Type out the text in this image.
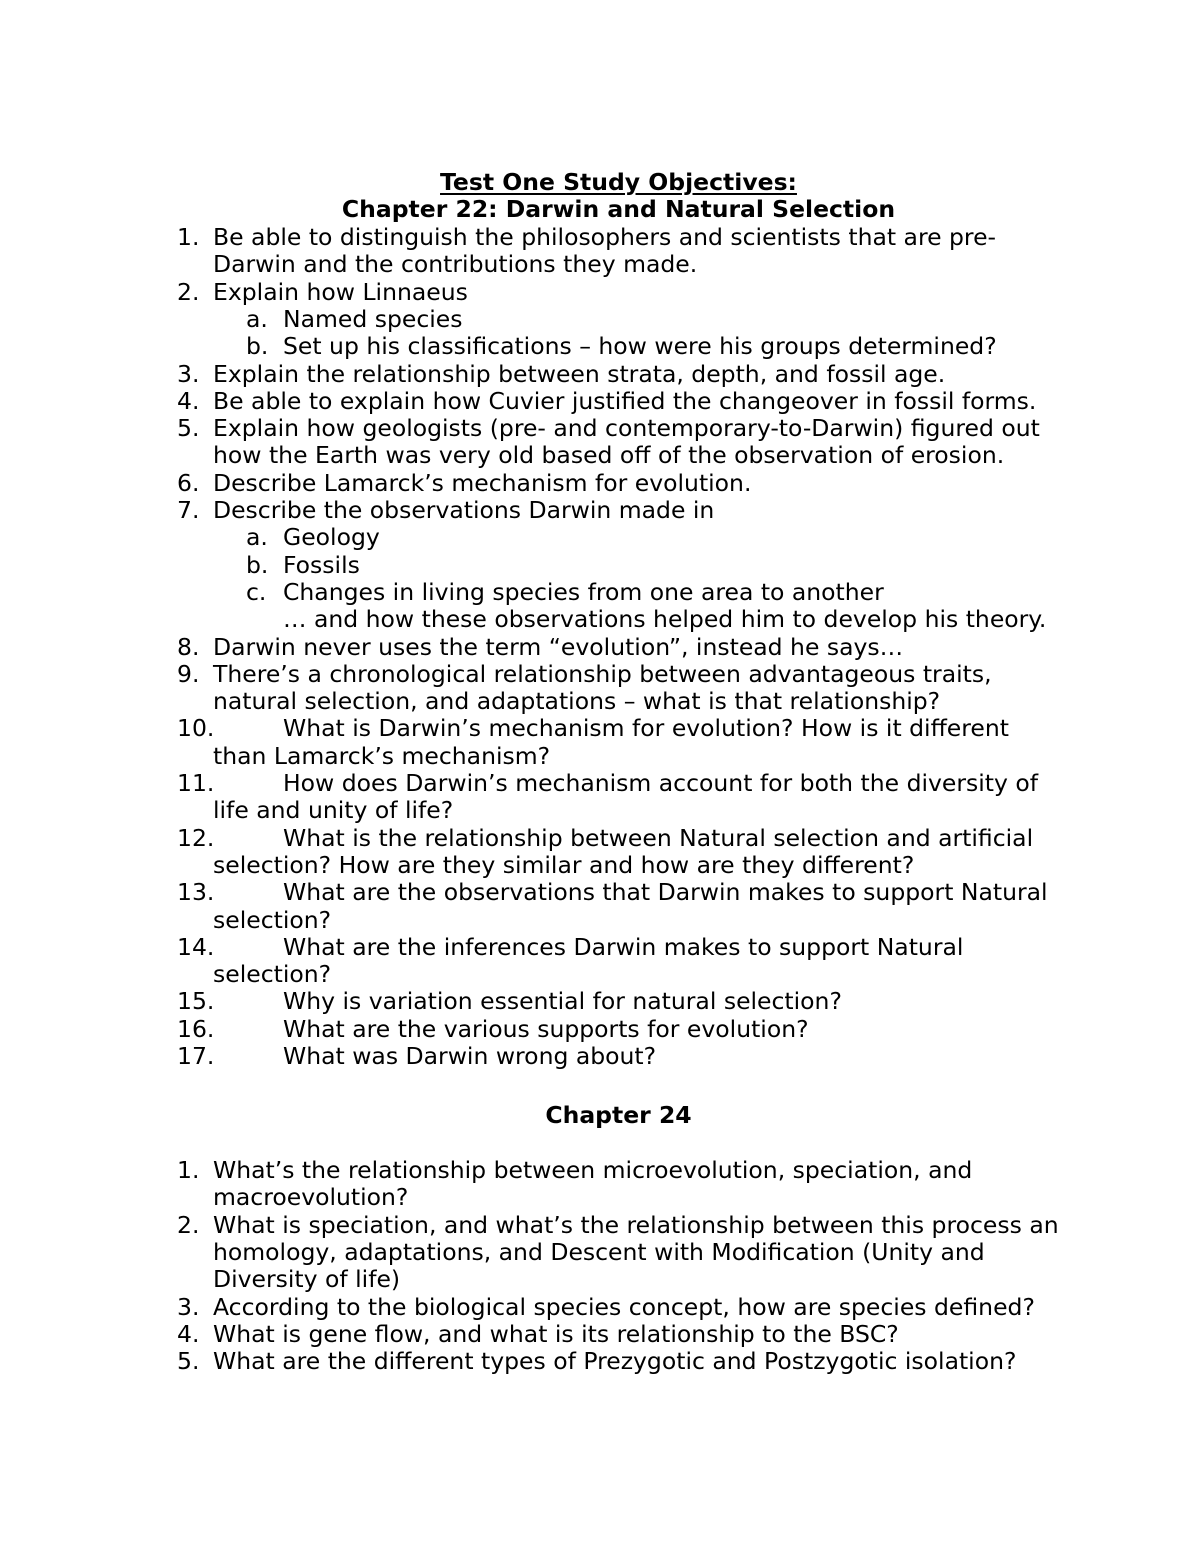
Test One Study Objectives:
Chapter 22: Darwin and Natural Selection
1. Be able to distinguish the philosophers and scientists that are pre-
Darwin and the contributions they made.
2. Explain how Linnaeus
a. Named species
b. Set up his classifications – how were his groups determined?
3. Explain the relationship between strata, depth, and fossil age.
4. Be able to explain how Cuvier justified the changeover in fossil forms.
5. Explain how geologists (pre- and contemporary-to-Darwin) figured out
how the Earth was very old based off of the observation of erosion.
6. Describe Lamarck’s mechanism for evolution.
7. Describe the observations Darwin made in
a. Geology
b. Fossils
c. Changes in living species from one area to another
… and how these observations helped him to develop his theory.
8. Darwin never uses the term “evolution”, instead he says…
9. There’s a chronological relationship between advantageous traits,
natural selection, and adaptations – what is that relationship?
10.	What is Darwin’s mechanism for evolution? How is it different
than Lamarck’s mechanism?
11.	How does Darwin’s mechanism account for both the diversity of
life and unity of life?
12.	What is the relationship between Natural selection and artificial
selection? How are they similar and how are they different?
13.	What are the observations that Darwin makes to support Natural
selection?
14.	What are the inferences Darwin makes to support Natural
selection?
15.	Why is variation essential for natural selection?
16.	What are the various supports for evolution?
17.	What was Darwin wrong about?
Chapter 24
1. What’s the relationship between microevolution, speciation, and
macroevolution?
2. What is speciation, and what’s the relationship between this process an
homology, adaptations, and Descent with Modification (Unity and
Diversity of life)
3. According to the biological species concept, how are species defined?
4. What is gene flow, and what is its relationship to the BSC?
5. What are the different types of Prezygotic and Postzygotic isolation?
